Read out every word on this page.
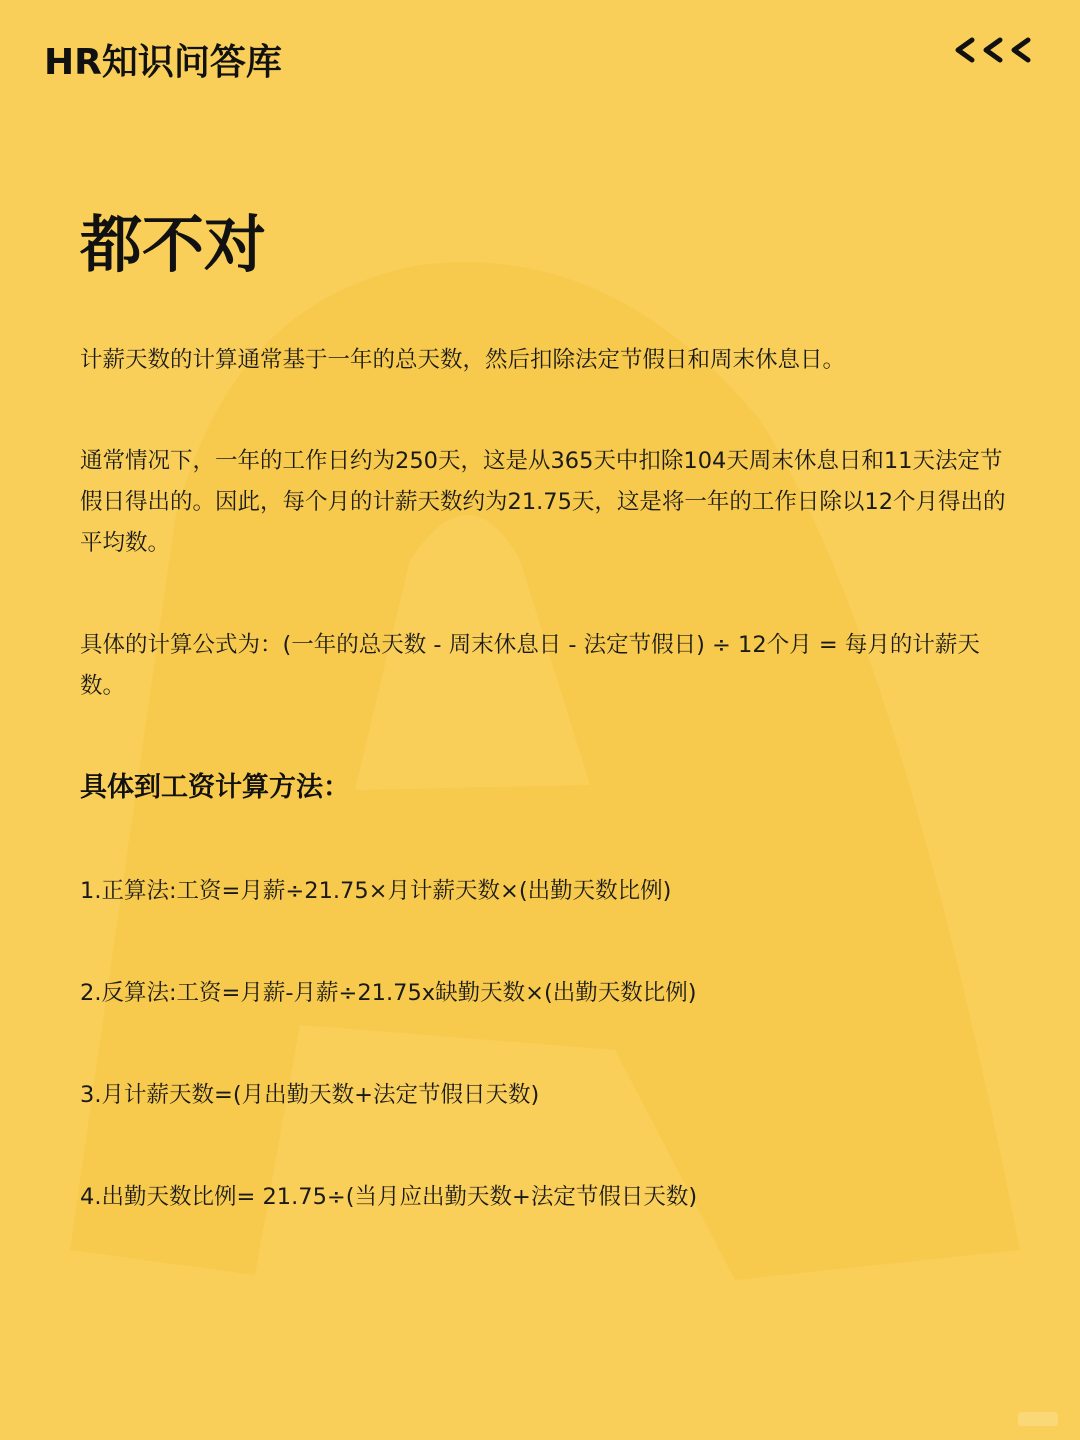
HR知识问答库
都不对

计薪天数的计算通常基于一年的总天数，然后扣除法定节假日和周末休息日。

通常情况下，一年的工作日约为250天，这是从365天中扣除104天周末休息日和11天法定节假日得出的。因此，每个月的计薪天数约为21.75天，这是将一年的工作日除以12个月得出的平均数。

具体的计算公式为：(一年的总天数 - 周末休息日 - 法定节假日) ÷ 12个月 = 每月的计薪天数。

具体到工资计算方法：

1.正算法:工资=月薪÷21.75×月计薪天数×(出勤天数比例)

2.反算法:工资=月薪-月薪÷21.75x缺勤天数×(出勤天数比例)

3.月计薪天数=(月出勤天数+法定节假日天数)

4.出勤天数比例= 21.75÷(当月应出勤天数+法定节假日天数)
